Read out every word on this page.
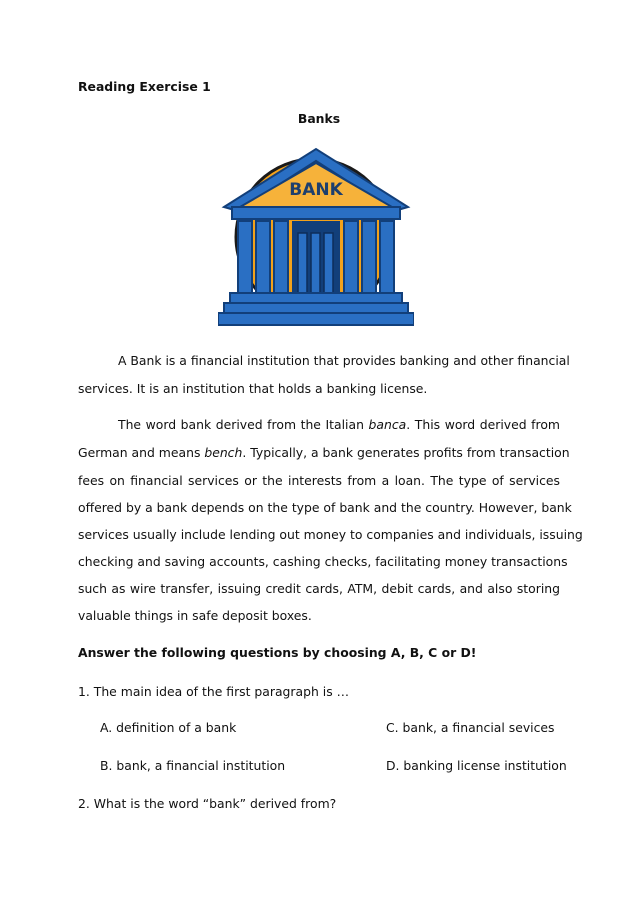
Reading Exercise 1
Banks
BANK
A Bank is a financial institution that provides banking and other financial
services. It is an institution that holds a banking license.
The word bank derived from the Italian banca. This word derived from
German and means bench. Typically, a bank generates profits from transaction
fees on financial services or the interests from a loan. The type of services
offered by a bank depends on the type of bank and the country. However, bank
services usually include lending out money to companies and individuals, issuing
checking and saving accounts, cashing checks, facilitating money transactions
such as wire transfer, issuing credit cards, ATM, debit cards, and also storing
valuable things in safe deposit boxes.
Answer the following questions by choosing A, B, C or D!
1. The main idea of the first paragraph is …
A. definition of a bank	C. bank, a financial sevices
B. bank, a financial institution	D. banking license institution
2. What is the word “bank” derived from?
